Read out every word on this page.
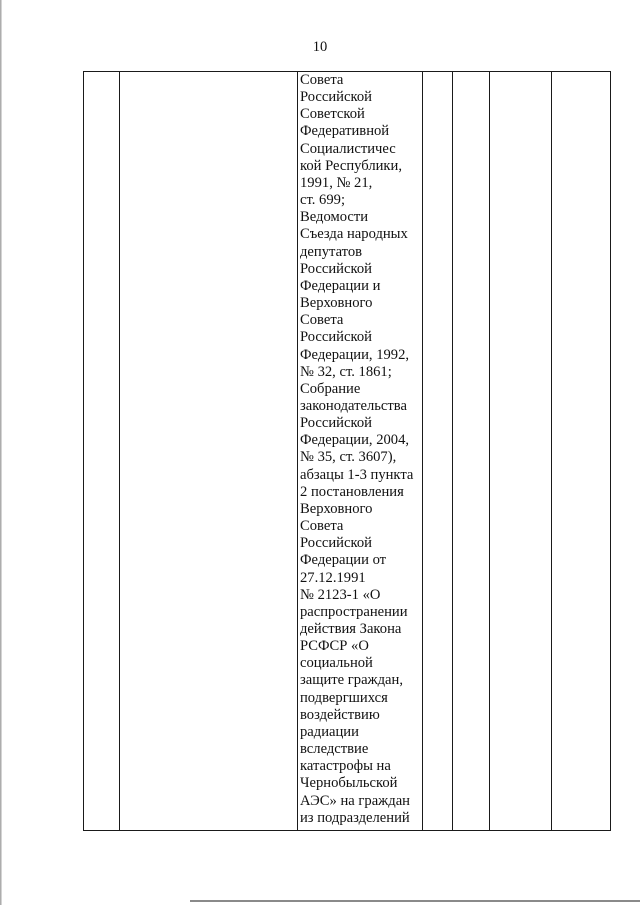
10
Совета
Российской
Советской
Федеративной
Социалистичес
кой Республики,
1991, № 21,
ст. 699;
Ведомости
Съезда народных
депутатов
Российской
Федерации и
Верховного
Совета
Российской
Федерации, 1992,
№ 32, ст. 1861;
Собрание
законодательства
Российской
Федерации, 2004,
№ 35, ст. 3607),
абзацы 1-3 пункта
2 постановления
Верховного
Совета
Российской
Федерации от
27.12.1991
№ 2123-1 «О
распространении
действия Закона
РСФСР «О
социальной
защите граждан,
подвергшихся
воздействию
радиации
вследствие
катастрофы на
Чернобыльской
АЭС» на граждан
из подразделений
